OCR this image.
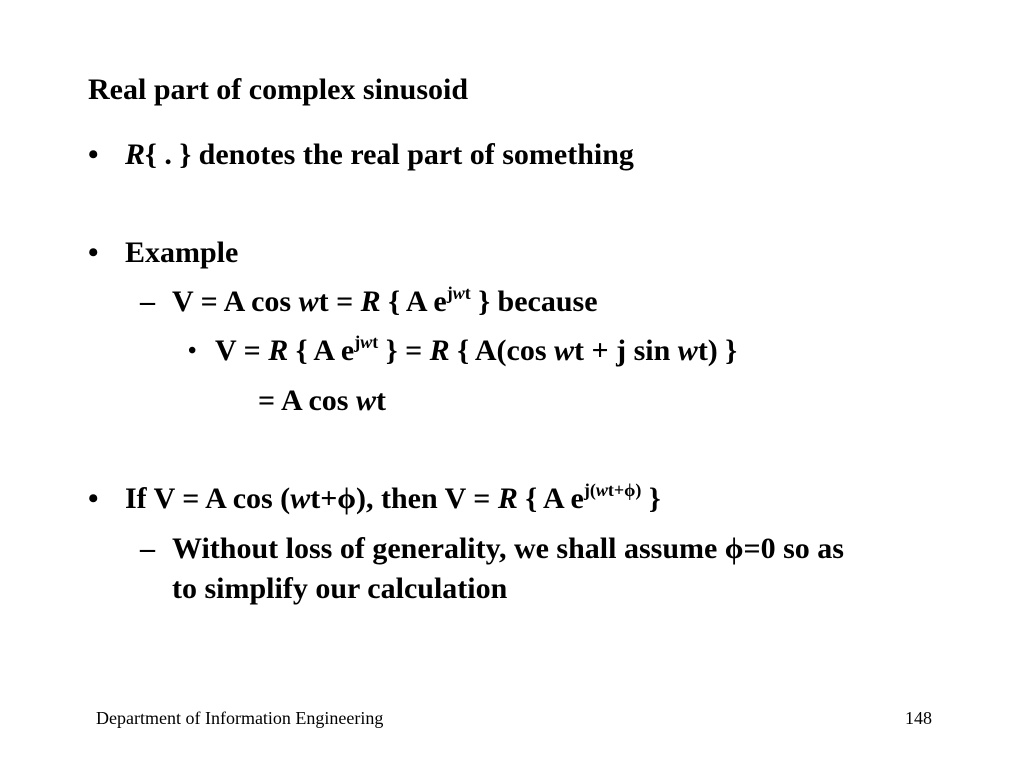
Real part of complex sinusoid
• R{ . } denotes the real part of something
• Example
– V = A cos wt = R { A $e^{jwt}$ } because
• V = R { A $e^{jwt}$ } = R { A(cos wt + j sin wt) }
= A cos wt
• If V = A cos (wt+ϕ), then V = R { A $e^{j(wt+\phi)}$ }
– Without loss of generality, we shall assume ϕ=0 so as
to simplify our calculation
Department of Information Engineering	148
